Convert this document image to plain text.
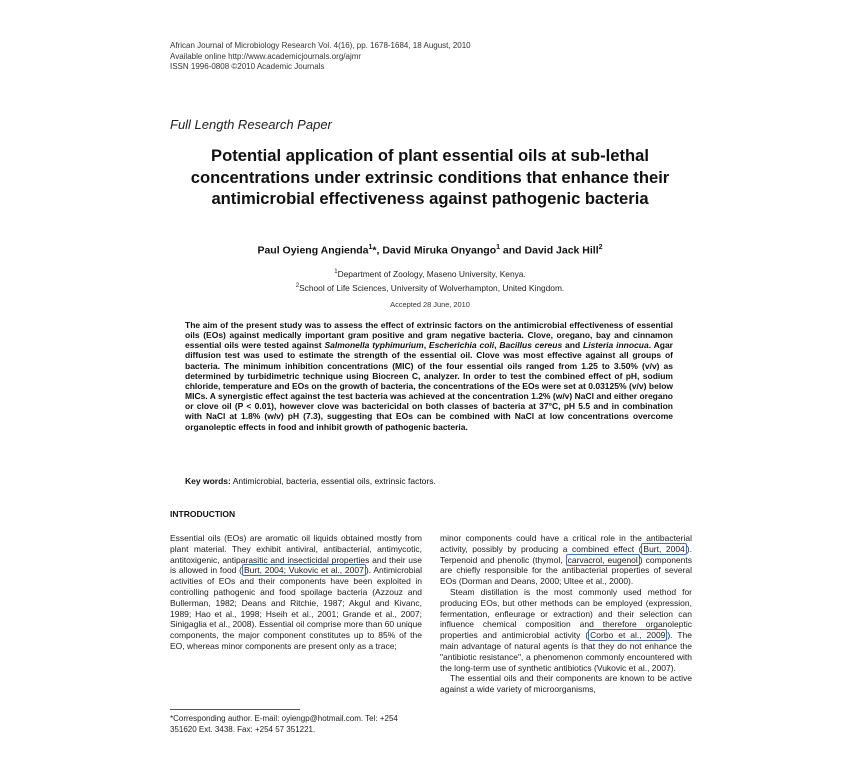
African Journal of Microbiology Research Vol. 4(16), pp. 1678-1684, 18 August, 2010
Available online http://www.academicjournals.org/ajmr
ISSN 1996-0808 ©2010 Academic Journals
Full Length Research Paper
Potential application of plant essential oils at sub-lethal concentrations under extrinsic conditions that enhance their antimicrobial effectiveness against pathogenic bacteria
Paul Oyieng Angienda$^1$*, David Miruka Onyango$^1$ and David Jack Hill$^2$
$^1$Department of Zoology, Maseno University, Kenya.
$^2$School of Life Sciences, University of Wolverhampton, United Kingdom.
Accepted 28 June, 2010
The aim of the present study was to assess the effect of extrinsic factors on the antimicrobial effectiveness of essential oils (EOs) against medically important gram positive and gram negative bacteria. Clove, oregano, bay and cinnamon essential oils were tested against Salmonella typhimurium, Escherichia coli, Bacillus cereus and Listeria innocua. Agar diffusion test was used to estimate the strength of the essential oil. Clove was most effective against all groups of bacteria. The minimum inhibition concentrations (MIC) of the four essential oils ranged from 1.25 to 3.50% (v/v) as determined by turbidimetric technique using Biocreen C, analyzer. In order to test the combined effect of pH, sodium chloride, temperature and EOs on the growth of bacteria, the concentrations of the EOs were set at 0.03125% (v/v) below MICs. A synergistic effect against the test bacteria was achieved at the concentration 1.2% (w/v) NaCl and either oregano or clove oil (P < 0.01), however clove was bactericidal on both classes of bacteria at 37°C, pH 5.5 and in combination with NaCl at 1.8% (w/v) pH (7.3), suggesting that EOs can be combined with NaCl at low concentrations overcome organoleptic effects in food and inhibit growth of pathogenic bacteria.
Key words: Antimicrobial, bacteria, essential oils, extrinsic factors.
INTRODUCTION

Essential oils (EOs) are aromatic oil liquids obtained mostly from plant material. They exhibit antiviral, antibacterial, antimycotic, antitoxigenic, antiparasitic and insecticidal properties and their use is allowed in food ( Burt, 2004; Vukovic et al., 2007 ). Antimicrobial activities of EOs and their components have been exploited in controlling pathogenic and food spoilage bacteria (Azzouz and Bullerman, 1982; Deans and Ritchie, 1987; Akgul and Kivanc, 1989; Hao et al., 1998; Hseih et al., 2001; Grande et al., 2007; Sinigaglia et al., 2008). Essential oil comprise more than 60 unique components, the major component constitutes up to 85% of the EO, whereas minor components are present only as a trace;

minor components could have a critical role in the antibacterial activity, possibly by producing a combined effect ( Burt, 2004 ). Terpenoid and phenolic (thymol, carvacrol, eugenol ) components are chiefly responsible for the antibacterial properties of several EOs (Dorman and Deans, 2000; Ultee et al., 2000).

Steam distillation is the most commonly used method for producing EOs, but other methods can be employed (expression, fermentation, enfleurage or extraction) and their selection can influence chemical composition and therefore organoleptic properties and antimicrobial activity ( Corbo et al., 2009 ). The main advantage of natural agents is that they do not enhance the "antibiotic resistance", a phenomenon commonly encountered with the long-term use of synthetic antibiotics (Vukovic et al., 2007).

The essential oils and their components are known to be active against a wide variety of microorganisms,

*Corresponding author. E-mail: oyiengp@hotmail.com. Tel: +254 351620 Ext. 3438. Fax: +254 57 351221.
